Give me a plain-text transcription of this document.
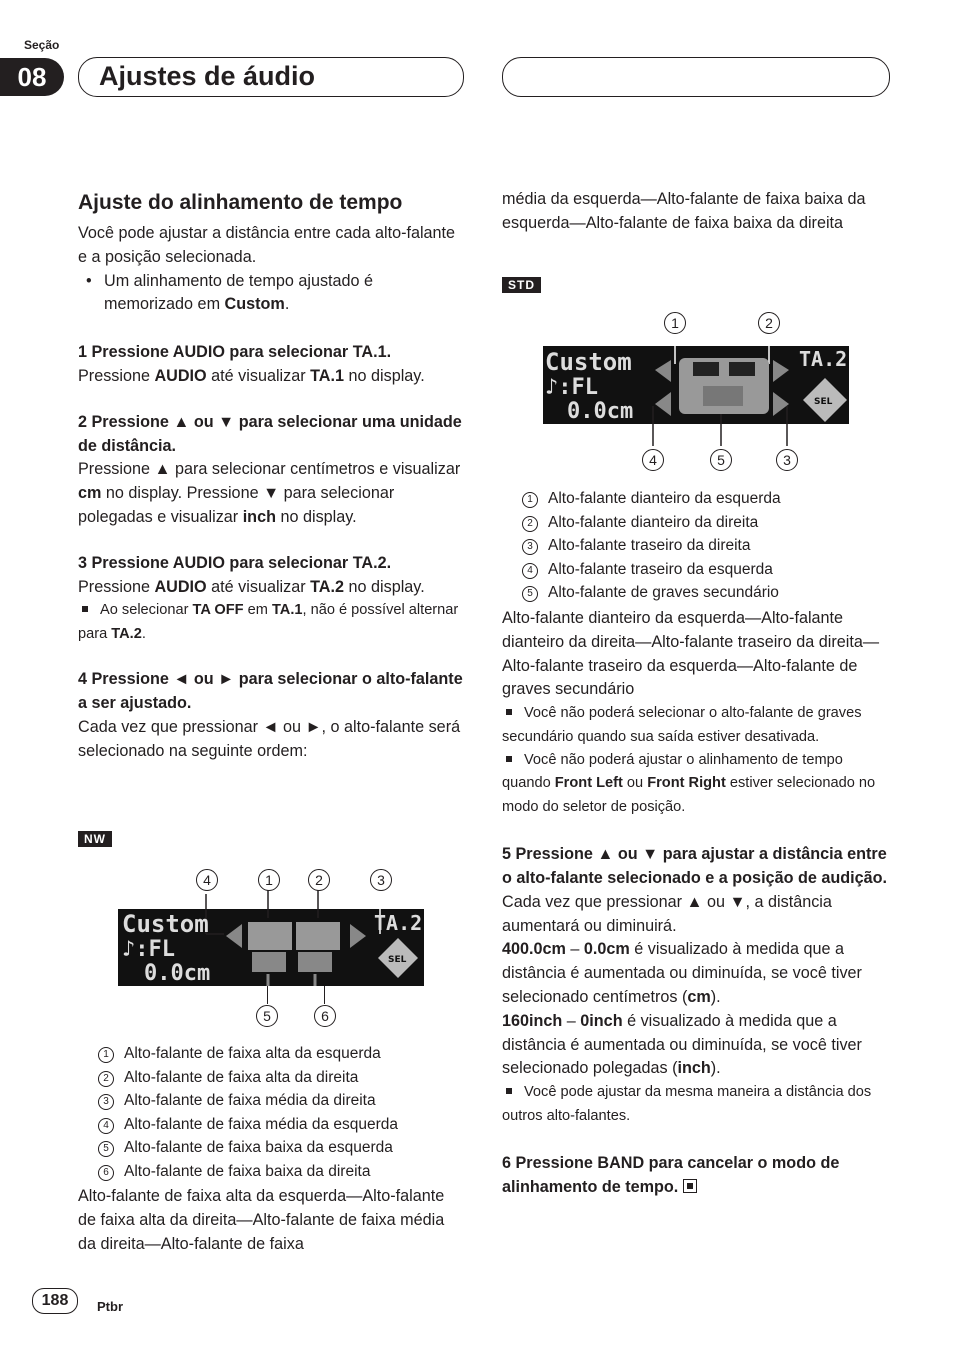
Seção
08	Ajustes de áudio

Ajuste do alinhamento de tempo

Você pode ajustar a distância entre cada alto-falante e a posição selecionada.

• Um alinhamento de tempo ajustado é memorizado em Custom.

1 Pressione AUDIO para selecionar TA.1.

Pressione AUDIO até visualizar TA.1 no display.

2 Pressione ▲ ou ▼ para selecionar uma unidade de distância.

Pressione ▲ para selecionar centímetros e visualizar cm no display. Pressione ▼ para selecionar polegadas e visualizar inch no display.

3 Pressione AUDIO para selecionar TA.2.

Pressione AUDIO até visualizar TA.2 no display.

Ao selecionar TA OFF em TA.1, não é possível alternar para TA.2.

4 Pressione ◄ ou ► para selecionar o alto-falante a ser ajustado.

Cada vez que pressionar ◄ ou ►, o alto-falante será selecionado na seguinte ordem:

NW
4	1	2	3
Custom
♪:FL
0.0cm
TA.2
SEL
5	6
1 Alto-falante de faixa alta da esquerda
2 Alto-falante de faixa alta da direita
3 Alto-falante de faixa média da direita
4 Alto-falante de faixa média da esquerda
5 Alto-falante de faixa baixa da esquerda
6 Alto-falante de faixa baixa da direita
Alto-falante de faixa alta da esquerda—Alto-falante de faixa alta da direita—Alto-falante de faixa média da direita—Alto-falante de faixa
média da esquerda—Alto-falante de faixa baixa da esquerda—Alto-falante de faixa baixa da direita
STD
1	2
Custom
♪:FL
0.0cm
TA.2
SEL
4	5	3
1 Alto-falante dianteiro da esquerda
2 Alto-falante dianteiro da direita
3 Alto-falante traseiro da direita
4 Alto-falante traseiro da esquerda
5 Alto-falante de graves secundário

Alto-falante dianteiro da esquerda—Alto-falante dianteiro da direita—Alto-falante traseiro da direita—Alto-falante traseiro da esquerda—Alto-falante de graves secundário

Você não poderá selecionar o alto-falante de graves secundário quando sua saída estiver desativada.

Você não poderá ajustar o alinhamento de tempo quando Front Left ou Front Right estiver selecionado no modo do seletor de posição.

5 Pressione ▲ ou ▼ para ajustar a distância entre o alto-falante selecionado e a posição de audição.

Cada vez que pressionar ▲ ou ▼, a distância aumentará ou diminuirá.

400.0cm – 0.0cm é visualizado à medida que a distância é aumentada ou diminuída, se você tiver selecionado centímetros (cm).

160inch – 0inch é visualizado à medida que a distância é aumentada ou diminuída, se você tiver selecionado polegadas (inch).

Você pode ajustar da mesma maneira a distância dos outros alto-falantes.

6 Pressione BAND para cancelar o modo de alinhamento de tempo.

188	Ptbr
